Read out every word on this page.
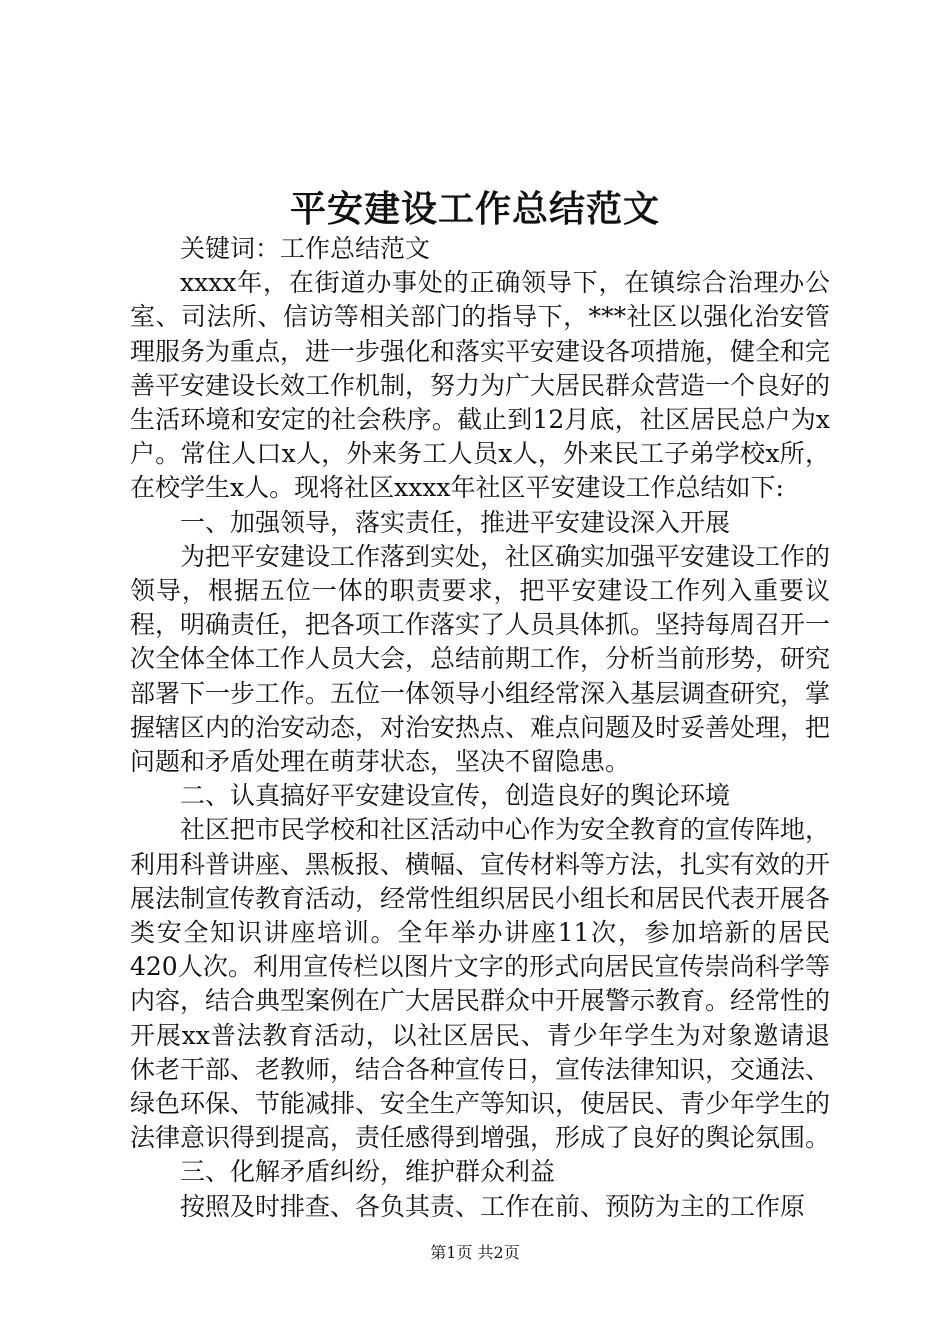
平安建设工作总结范文

关键词：工作总结范文

xxxx年，在街道办事处的正确领导下，在镇综合治理办公室、司法所、信访等相关部门的指导下，***社区以强化治安管理服务为重点，进一步强化和落实平安建设各项措施，健全和完善平安建设长效工作机制，努力为广大居民群众营造一个良好的生活环境和安定的社会秩序。截止到12月底，社区居民总户为x户。常住人口x人，外来务工人员x人，外来民工子弟学校x所，在校学生x人。现将社区xxxx年社区平安建设工作总结如下:

一、加强领导，落实责任，推进平安建设深入开展

为把平安建设工作落到实处，社区确实加强平安建设工作的领导，根据五位一体的职责要求，把平安建设工作列入重要议程，明确责任，把各项工作落实了人员具体抓。坚持每周召开一次全体全体工作人员大会，总结前期工作，分析当前形势，研究部署下一步工作。五位一体领导小组经常深入基层调查研究，掌握辖区内的治安动态，对治安热点、难点问题及时妥善处理，把问题和矛盾处理在萌芽状态，坚决不留隐患。

二、认真搞好平安建设宣传，创造良好的舆论环境

社区把市民学校和社区活动中心作为安全教育的宣传阵地，利用科普讲座、黑板报、横幅、宣传材料等方法，扎实有效的开展法制宣传教育活动，经常性组织居民小组长和居民代表开展各类安全知识讲座培训。全年举办讲座11次，参加培新的居民420人次。利用宣传栏以图片文字的形式向居民宣传崇尚科学等内容，结合典型案例在广大居民群众中开展警示教育。经常性的开展xx普法教育活动，以社区居民、青少年学生为对象邀请退休老干部、老教师，结合各种宣传日，宣传法律知识，交通法、绿色环保、节能减排、安全生产等知识，使居民、青少年学生的法律意识得到提高，责任感得到增强，形成了良好的舆论氛围。

三、化解矛盾纠纷，维护群众利益

按照及时排查、各负其责、工作在前、预防为主的工作原

第1页 共2页
